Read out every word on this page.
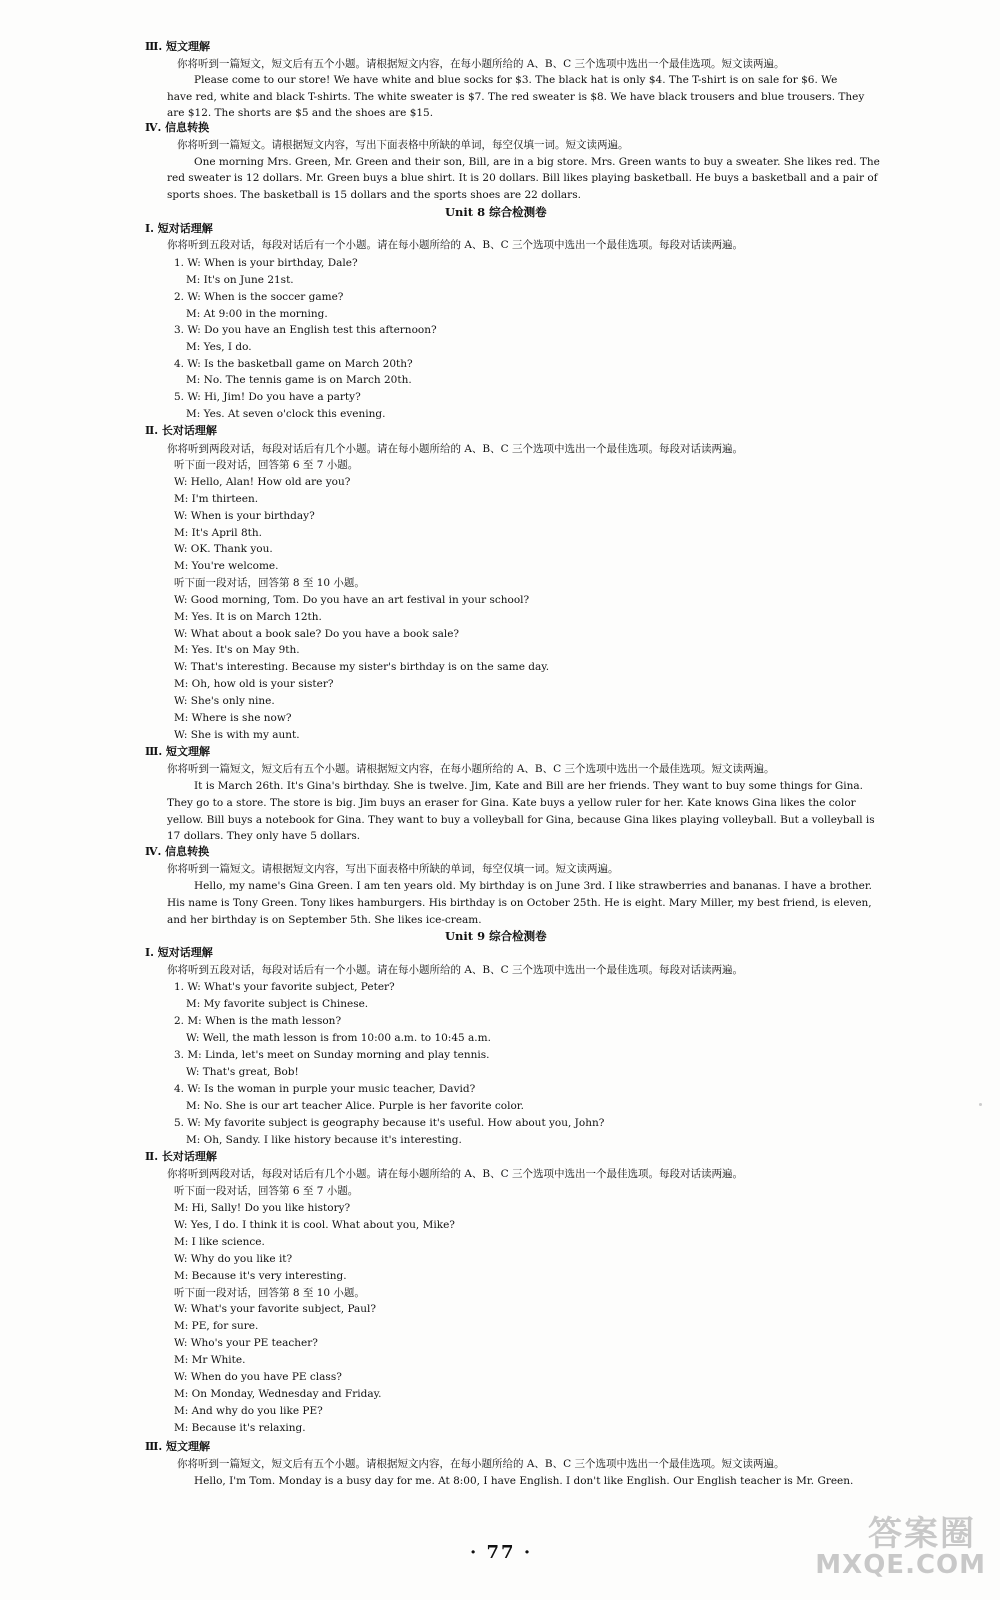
Ⅲ. 短文理解
你将听到一篇短文，短文后有五个小题。请根据短文内容，在每小题所给的 A、B、C 三个选项中选出一个最佳选项。短文读两遍。
Please come to our store! We have white and blue socks for $3. The black hat is only $4. The T-shirt is on sale for $6. We
have red, white and black T-shirts. The white sweater is $7. The red sweater is $8. We have black trousers and blue trousers. They
are $12. The shorts are $5 and the shoes are $15.
Ⅳ. 信息转换
你将听到一篇短文。请根据短文内容，写出下面表格中所缺的单词，每空仅填一词。短文读两遍。
One morning Mrs. Green, Mr. Green and their son, Bill, are in a big store. Mrs. Green wants to buy a sweater. She likes red. The
red sweater is 12 dollars. Mr. Green buys a blue shirt. It is 20 dollars. Bill likes playing basketball. He buys a basketball and a pair of
sports shoes. The basketball is 15 dollars and the sports shoes are 22 dollars.
Unit 8 综合检测卷
Ⅰ. 短对话理解
你将听到五段对话，每段对话后有一个小题。请在每小题所给的 A、B、C 三个选项中选出一个最佳选项。每段对话读两遍。
1. W: When is your birthday, Dale?
M: It's on June 21st.
2. W: When is the soccer game?
M: At 9:00 in the morning.
3. W: Do you have an English test this afternoon?
M: Yes, I do.
4. W: Is the basketball game on March 20th?
M: No. The tennis game is on March 20th.
5. W: Hi, Jim! Do you have a party?
M: Yes. At seven o'clock this evening.
Ⅱ. 长对话理解
你将听到两段对话，每段对话后有几个小题。请在每小题所给的 A、B、C 三个选项中选出一个最佳选项。每段对话读两遍。
听下面一段对话，回答第 6 至 7 小题。
W: Hello, Alan! How old are you?
M: I'm thirteen.
W: When is your birthday?
M: It's April 8th.
W: OK. Thank you.
M: You're welcome.
听下面一段对话，回答第 8 至 10 小题。
W: Good morning, Tom. Do you have an art festival in your school?
M: Yes. It is on March 12th.
W: What about a book sale? Do you have a book sale?
M: Yes. It's on May 9th.
W: That's interesting. Because my sister's birthday is on the same day.
M: Oh, how old is your sister?
W: She's only nine.
M: Where is she now?
W: She is with my aunt.
Ⅲ. 短文理解
你将听到一篇短文，短文后有五个小题。请根据短文内容，在每小题所给的 A、B、C 三个选项中选出一个最佳选项。短文读两遍。
It is March 26th. It's Gina's birthday. She is twelve. Jim, Kate and Bill are her friends. They want to buy some things for Gina.
They go to a store. The store is big. Jim buys an eraser for Gina. Kate buys a yellow ruler for her. Kate knows Gina likes the color
yellow. Bill buys a notebook for Gina. They want to buy a volleyball for Gina, because Gina likes playing volleyball. But a volleyball is
17 dollars. They only have 5 dollars.
Ⅳ. 信息转换
你将听到一篇短文。请根据短文内容，写出下面表格中所缺的单词，每空仅填一词。短文读两遍。
Hello, my name's Gina Green. I am ten years old. My birthday is on June 3rd. I like strawberries and bananas. I have a brother.
His name is Tony Green. Tony likes hamburgers. His birthday is on October 25th. He is eight. Mary Miller, my best friend, is eleven,
and her birthday is on September 5th. She likes ice-cream.
Unit 9 综合检测卷
Ⅰ. 短对话理解
你将听到五段对话，每段对话后有一个小题。请在每小题所给的 A、B、C 三个选项中选出一个最佳选项。每段对话读两遍。
1. W: What's your favorite subject, Peter?
M: My favorite subject is Chinese.
2. M: When is the math lesson?
W: Well, the math lesson is from 10:00 a.m. to 10:45 a.m.
3. M: Linda, let's meet on Sunday morning and play tennis.
W: That's great, Bob!
4. W: Is the woman in purple your music teacher, David?
M: No. She is our art teacher Alice. Purple is her favorite color.
5. W: My favorite subject is geography because it's useful. How about you, John?
M: Oh, Sandy. I like history because it's interesting.
Ⅱ. 长对话理解
你将听到两段对话，每段对话后有几个小题。请在每小题所给的 A、B、C 三个选项中选出一个最佳选项。每段对话读两遍。
听下面一段对话，回答第 6 至 7 小题。
M: Hi, Sally! Do you like history?
W: Yes, I do. I think it is cool. What about you, Mike?
M: I like science.
W: Why do you like it?
M: Because it's very interesting.
听下面一段对话，回答第 8 至 10 小题。
W: What's your favorite subject, Paul?
M: PE, for sure.
W: Who's your PE teacher?
M: Mr White.
W: When do you have PE class?
M: On Monday, Wednesday and Friday.
M: And why do you like PE?
M: Because it's relaxing.
Ⅲ. 短文理解
你将听到一篇短文，短文后有五个小题。请根据短文内容，在每小题所给的 A、B、C 三个选项中选出一个最佳选项。短文读两遍。
Hello, I'm Tom. Monday is a busy day for me. At 8:00, I have English. I don't like English. Our English teacher is Mr. Green.
· 77 ·	答案圈
MXQE.COM
